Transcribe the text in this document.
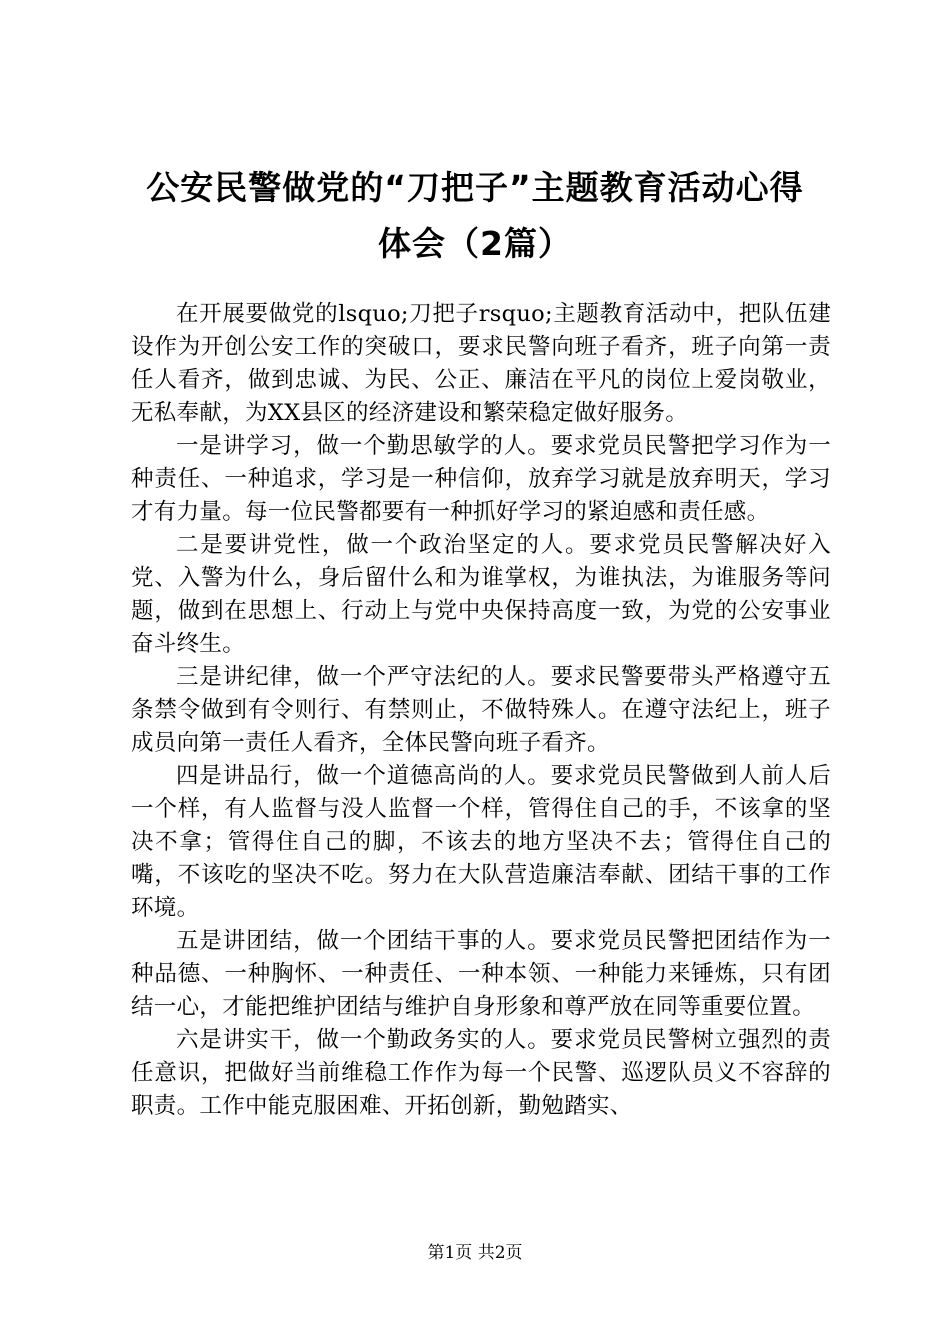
公安民警做党的“刀把子”主题教育活动心得
体会（2篇）

在开展要做党的lsquo;刀把子rsquo;主题教育活动中，把队伍建设作为开创公安工作的突破口，要求民警向班子看齐，班子向第一责任人看齐，做到忠诚、为民、公正、廉洁在平凡的岗位上爱岗敬业，无私奉献，为XX县区的经济建设和繁荣稳定做好服务。

一是讲学习，做一个勤思敏学的人。要求党员民警把学习作为一种责任、一种追求，学习是一种信仰，放弃学习就是放弃明天，学习才有力量。每一位民警都要有一种抓好学习的紧迫感和责任感。

二是要讲党性，做一个政治坚定的人。要求党员民警解决好入党、入警为什么，身后留什么和为谁掌权，为谁执法，为谁服务等问题，做到在思想上、行动上与党中央保持高度一致，为党的公安事业奋斗终生。

三是讲纪律，做一个严守法纪的人。要求民警要带头严格遵守五条禁令做到有令则行、有禁则止，不做特殊人。在遵守法纪上，班子成员向第一责任人看齐，全体民警向班子看齐。

四是讲品行，做一个道德高尚的人。要求党员民警做到人前人后一个样，有人监督与没人监督一个样，管得住自己的手，不该拿的坚决不拿；管得住自己的脚，不该去的地方坚决不去；管得住自己的嘴，不该吃的坚决不吃。努力在大队营造廉洁奉献、团结干事的工作环境。

五是讲团结，做一个团结干事的人。要求党员民警把团结作为一种品德、一种胸怀、一种责任、一种本领、一种能力来锤炼，只有团结一心，才能把维护团结与维护自身形象和尊严放在同等重要位置。

六是讲实干，做一个勤政务实的人。要求党员民警树立强烈的责任意识，把做好当前维稳工作作为每一个民警、巡逻队员义不容辞的职责。工作中能克服困难、开拓创新，勤勉踏实、

第1页 共2页
